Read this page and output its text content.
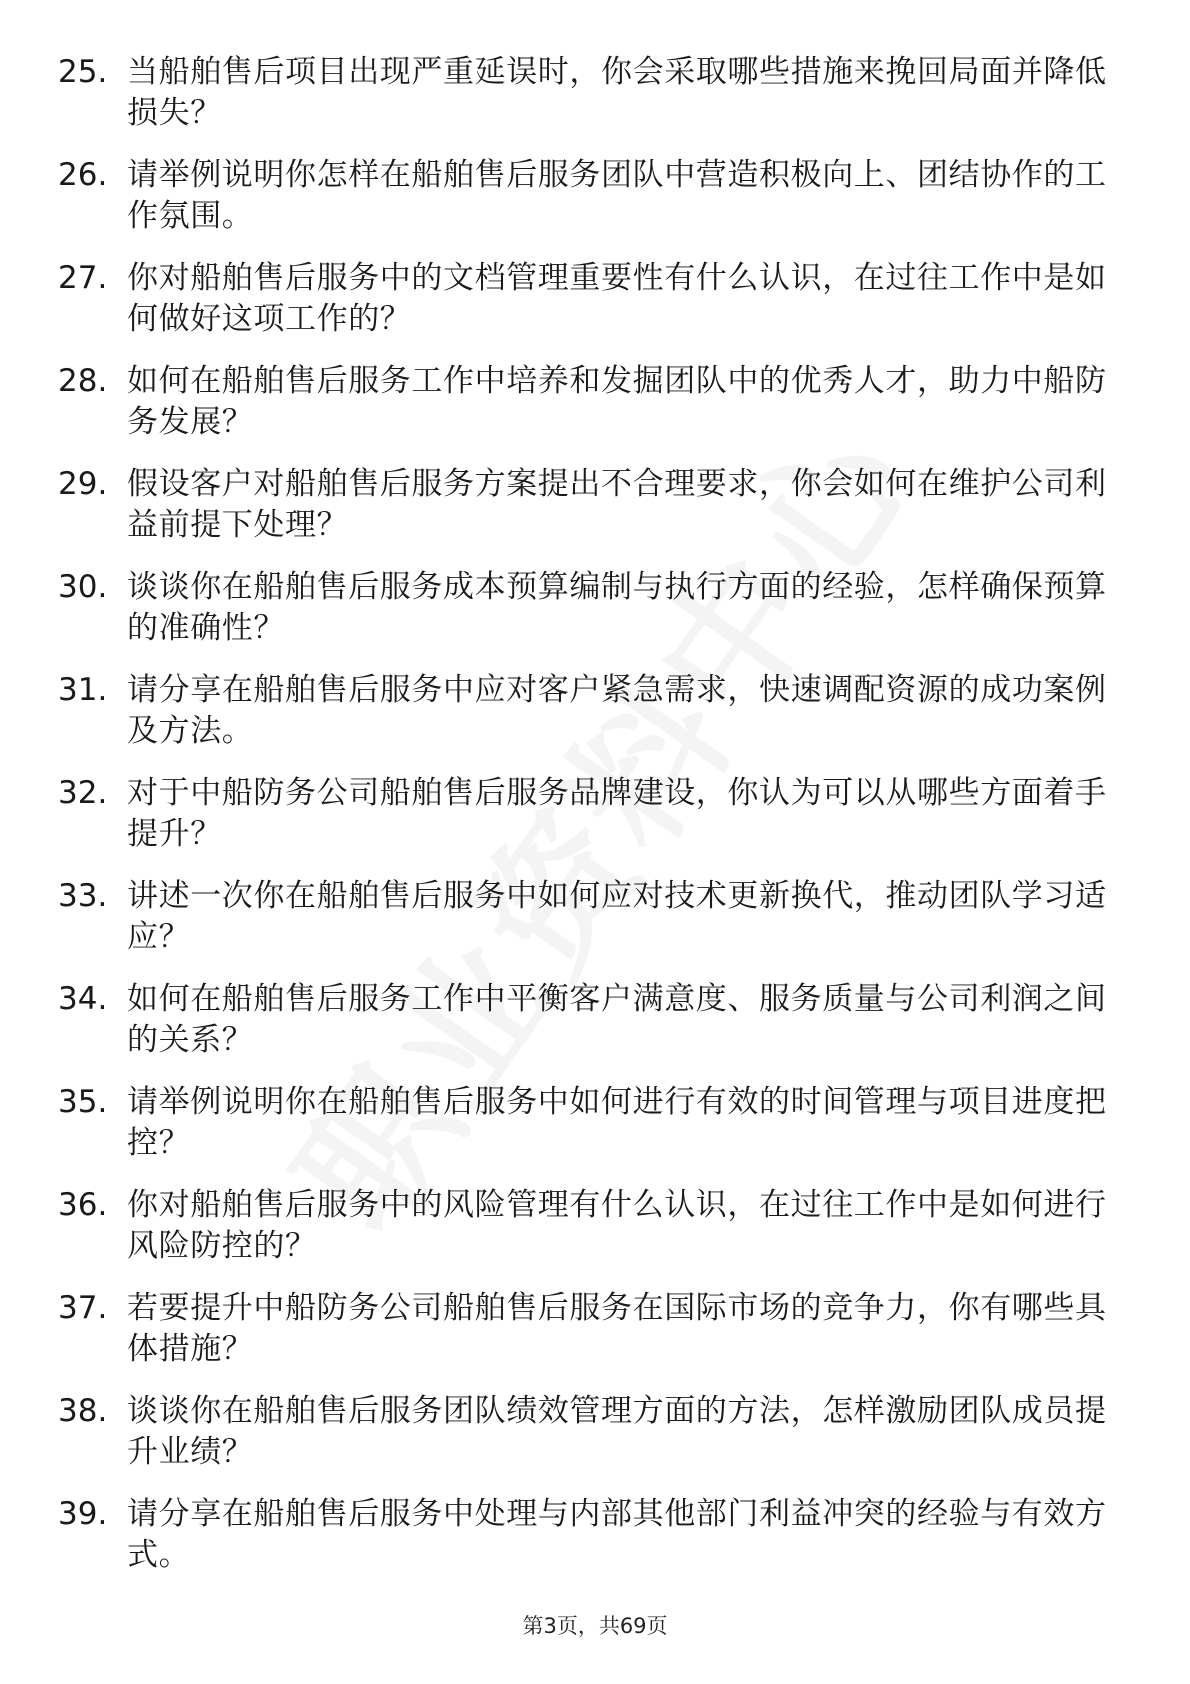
25. 当船舶售后项目出现严重延误时，你会采取哪些措施来挽回局面并降低损失？
26. 请举例说明你怎样在船舶售后服务团队中营造积极向上、团结协作的工作氛围。
27. 你对船舶售后服务中的文档管理重要性有什么认识，在过往工作中是如何做好这项工作的？
28. 如何在船舶售后服务工作中培养和发掘团队中的优秀人才，助力中船防务发展？
29. 假设客户对船舶售后服务方案提出不合理要求，你会如何在维护公司利益前提下处理？
30. 谈谈你在船舶售后服务成本预算编制与执行方面的经验，怎样确保预算的准确性？
31. 请分享在船舶售后服务中应对客户紧急需求，快速调配资源的成功案例及方法。
32. 对于中船防务公司船舶售后服务品牌建设，你认为可以从哪些方面着手提升？
33. 讲述一次你在船舶售后服务中如何应对技术更新换代，推动团队学习适应？
34. 如何在船舶售后服务工作中平衡客户满意度、服务质量与公司利润之间的关系？
35. 请举例说明你在船舶售后服务中如何进行有效的时间管理与项目进度把控？
36. 你对船舶售后服务中的风险管理有什么认识，在过往工作中是如何进行风险防控的？
37. 若要提升中船防务公司船舶售后服务在国际市场的竞争力，你有哪些具体措施？
38. 谈谈你在船舶售后服务团队绩效管理方面的方法，怎样激励团队成员提升业绩？
39. 请分享在船舶售后服务中处理与内部其他部门利益冲突的经验与有效方式。
第3页，共69页
